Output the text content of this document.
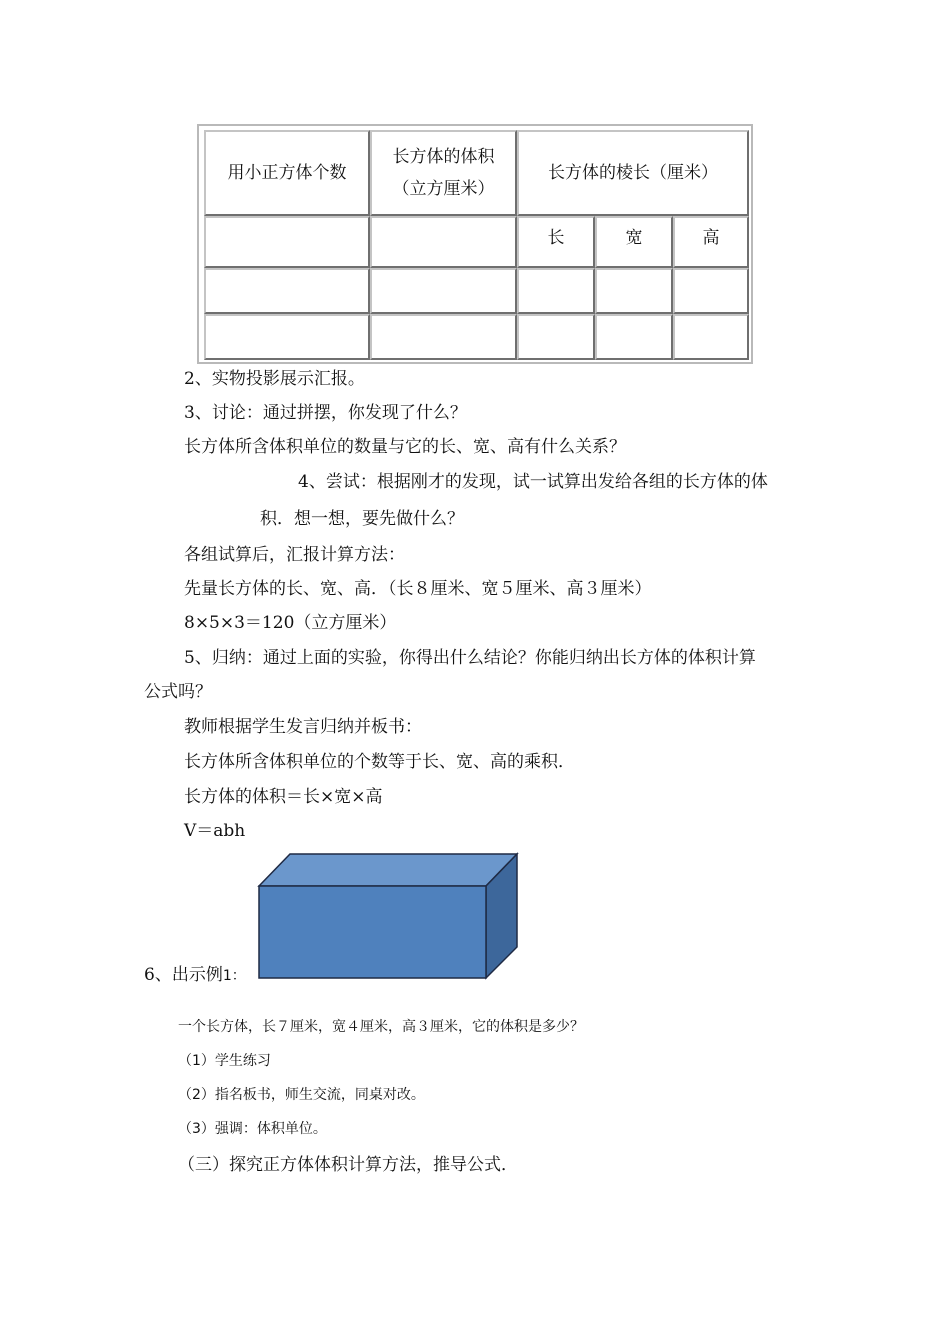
用小正方体个数
长方体的体积
（立方厘米）
长方体的棱长（厘米）
长	宽	高
2、实物投影展示汇报。
3、讨论：通过拼摆，你发现了什么？
长方体所含体积单位的数量与它的长、宽、高有什么关系？
4、尝试：根据刚才的发现，试一试算出发给各组的长方体的体
积．想一想，要先做什么？
各组试算后，汇报计算方法：
先量长方体的长、宽、高．（长８厘米、宽５厘米、高３厘米）
8×5×3＝120（立方厘米）
5、归纳：通过上面的实验，你得出什么结论？你能归纳出长方体的体积计算
公式吗？
教师根据学生发言归纳并板书：
长方体所含体积单位的个数等于长、宽、高的乘积．
长方体的体积＝长×宽×高
V＝abh
6、出示例1：
一个长方体，长７厘米，宽４厘米，高３厘米，它的体积是多少？
（1）学生练习
（2）指名板书，师生交流，同桌对改。
（3）强调：体积单位。
（三）探究正方体体积计算方法，推导公式．
